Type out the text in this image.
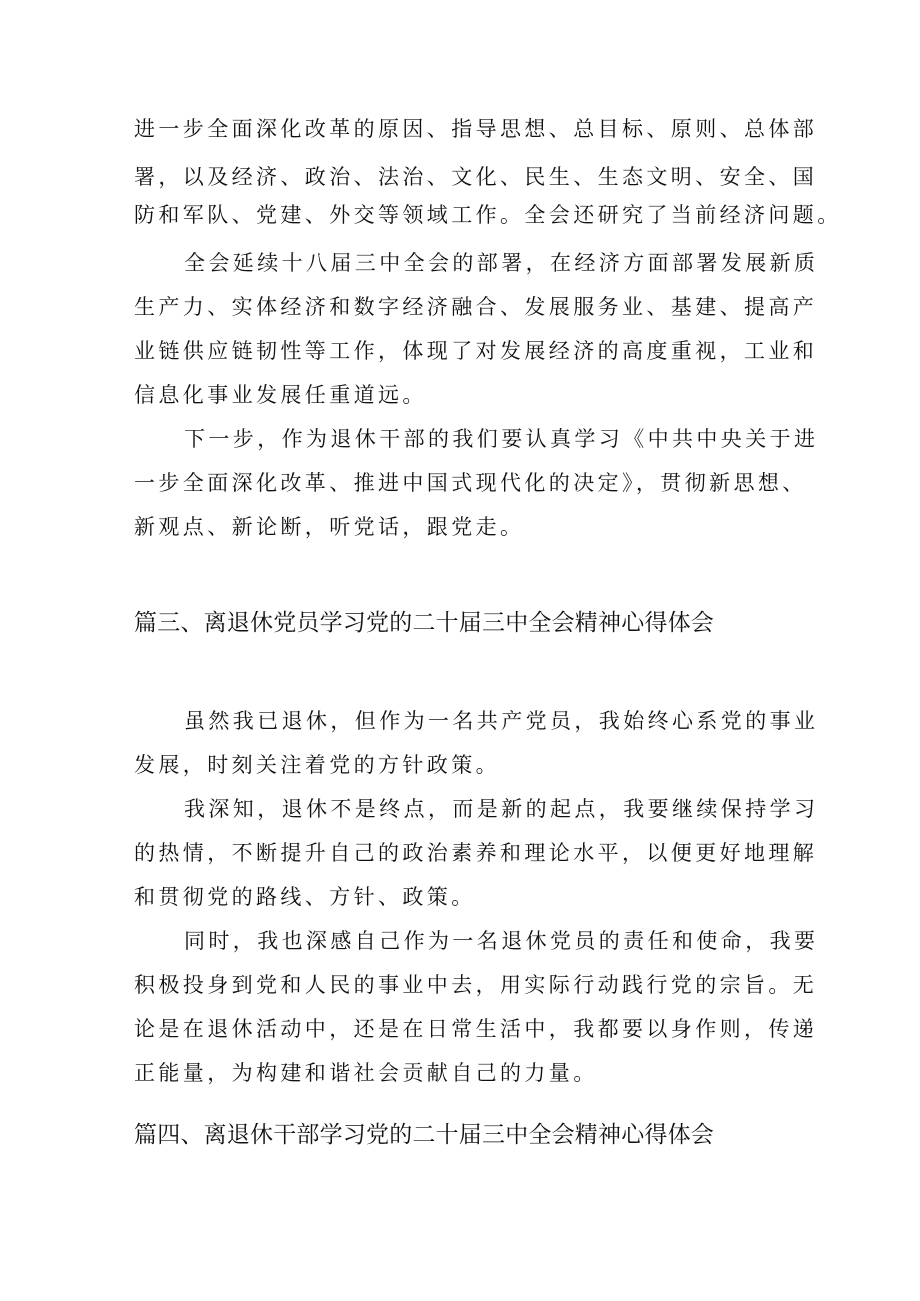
进一步全面深化改革的原因、指导思想、总目标、原则、总体部

署，以及经济、政治、法治、文化、民生、生态文明、安全、国

防和军队、党建、外交等领域工作。全会还研究了当前经济问题。

全会延续十八届三中全会的部署，在经济方面部署发展新质

生产力、实体经济和数字经济融合、发展服务业、基建、提高产

业链供应链韧性等工作，体现了对发展经济的高度重视，工业和

信息化事业发展任重道远。

下一步，作为退休干部的我们要认真学习《中共中央关于进

一步全面深化改革、推进中国式现代化的决定》，贯彻新思想、

新观点、新论断，听党话，跟党走。

篇三、离退休党员学习党的二十届三中全会精神心得体会

虽然我已退休，但作为一名共产党员，我始终心系党的事业

发展，时刻关注着党的方针政策。

我深知，退休不是终点，而是新的起点，我要继续保持学习

的热情，不断提升自己的政治素养和理论水平，以便更好地理解

和贯彻党的路线、方针、政策。

同时，我也深感自己作为一名退休党员的责任和使命，我要

积极投身到党和人民的事业中去，用实际行动践行党的宗旨。无

论是在退休活动中，还是在日常生活中，我都要以身作则，传递

正能量，为构建和谐社会贡献自己的力量。

篇四、离退休干部学习党的二十届三中全会精神心得体会
